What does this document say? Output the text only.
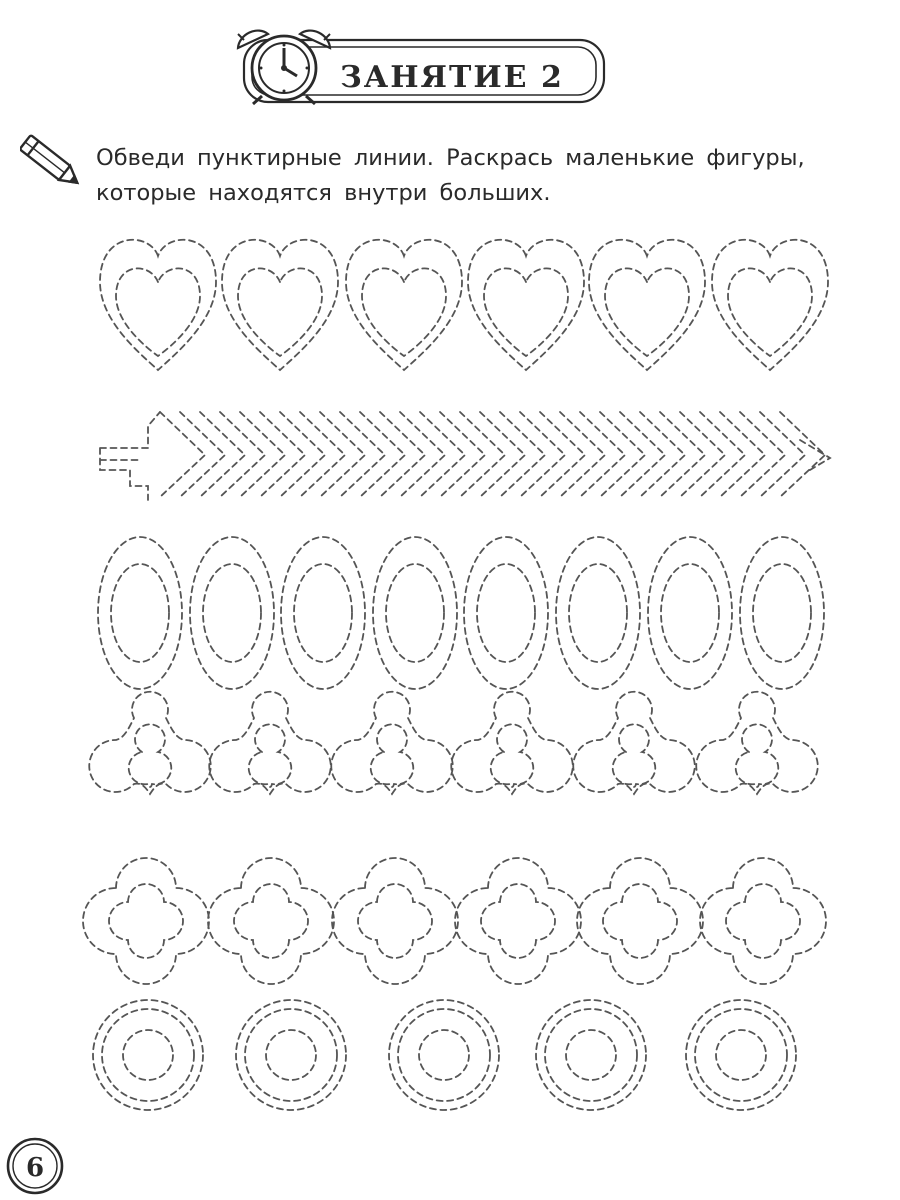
ЗАНЯТИЕ 2
Обведи пунктирные линии. Раскрась маленькие фигуры,
которые находятся внутри больших.
6
